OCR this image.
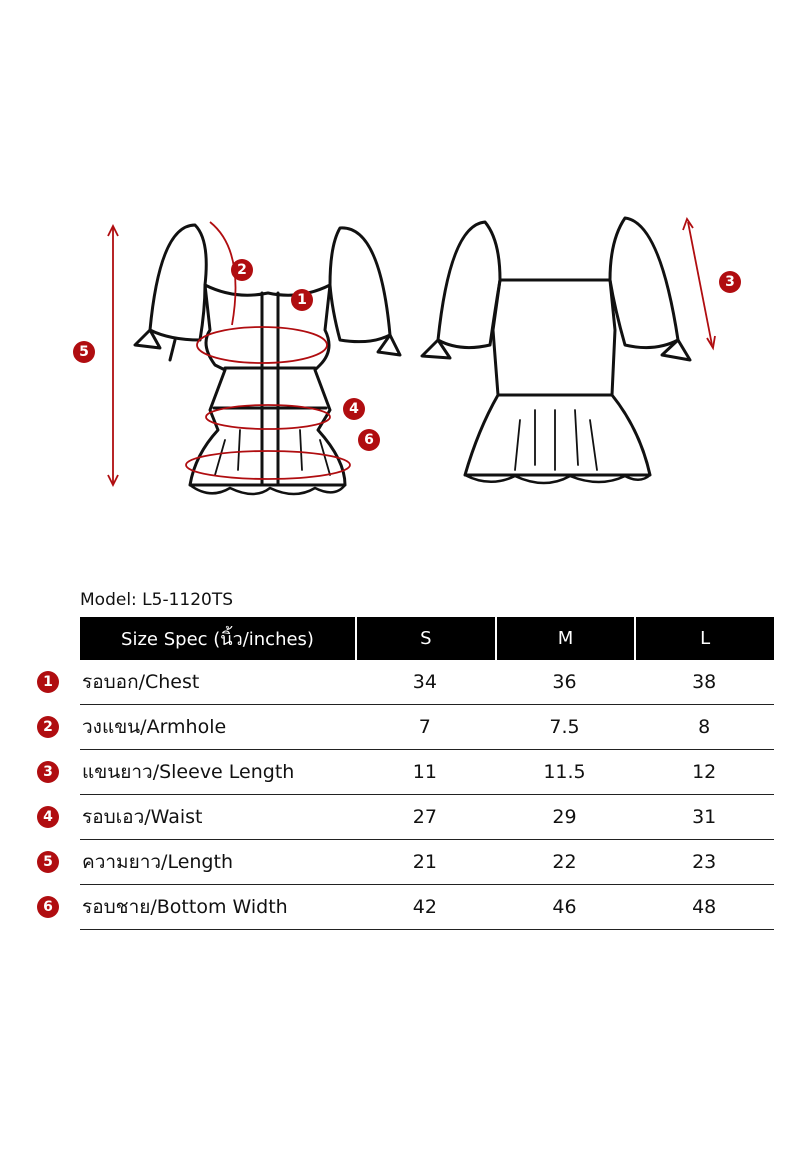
1
2
3
4
5
6
Model: L5-1120TS
Size Spec (นิ้ว/inches)	S	M	L
1	รอบอก/Chest	34	36	38
2	วงแขน/Armhole	7	7.5	8
3	แขนยาว/Sleeve Length	11	11.5	12
4	รอบเอว/Waist	27	29	31
5	ความยาว/Length	21	22	23
6	รอบชาย/Bottom Width	42	46	48
